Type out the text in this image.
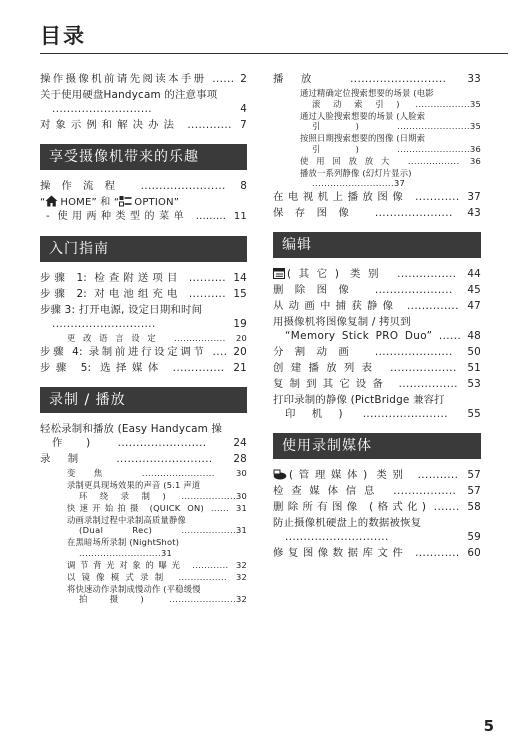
目录
操作摄像机前请先阅读本手册 ...... 2
关于使用硬盘Handycam 的注意事项
...........................	4
对象示例和解决办法 ............ 7
享受摄像机带来的乐趣
操作流程 ....................... 8
“ HOME” 和 “ OPTION”
- 使用两种类型的菜单 ......... 11
入门指南
步骤 1: 检查附送项目 .......... 14
步骤 2: 对电池组充电 .......... 15
步骤 3: 打开电源, 设定日期和时间
............................	19
更改语言设定 ................. 20
步骤 4: 录制前进行设定调节 .... 20
步骤 5: 选择媒体 .............. 21
录制 / 播放
轻松录制和播放 (Easy Handycam 操
作) ........................	24
录制 .......................... 28
变焦	........................	30
录制更具现场效果的声音 (5.1 声道
环绕录制) ..................30
快速开始拍摄 (QUICK ON) ...... 31
动画录制过程中录制高质量静像
(Dual Rec) ..................31
在黑暗场所录制 (NightShot)
...........................31
调节背光对象的曝光 ............ 32
以镜像模式录制 ................ 32
将快速动作录制成慢动作 (平稳缓慢
拍摄) ......................32
播放 .......................... 33
通过精确定位搜索想要的场景 (电影
滚动索引) ..................35
通过人脸搜索想要的场景 (人脸索
引) ........................35
按照日期搜索想要的图像 (日期索
引) ........................36
使用回放放大 ................. 36
播放一系列静像 (幻灯片显示)
...........................37
在电视机上播放图像 ............ 37
保存图像 ..................... 43
编辑
(其它) 类别 ................ 44
删除图像 ..................... 45
从动画中捕获静像 .............. 47
用摄像机将图像复制 / 拷贝到
“Memory Stick PRO Duo” ...... 48
分割动画 ..................... 50
创建播放列表 .................. 51
复制到其它设备 ................ 53
打印录制的静像 (PictBridge 兼容打
印机) ....................... 55
使用录制媒体
(管理媒体) 类别 ........... 57
检查媒体信息 ................. 57
删除所有图像 (格式化) ....... 58
防止摄像机硬盘上的数据被恢复
............................	59
修复图像数据库文件 ............ 60
5
